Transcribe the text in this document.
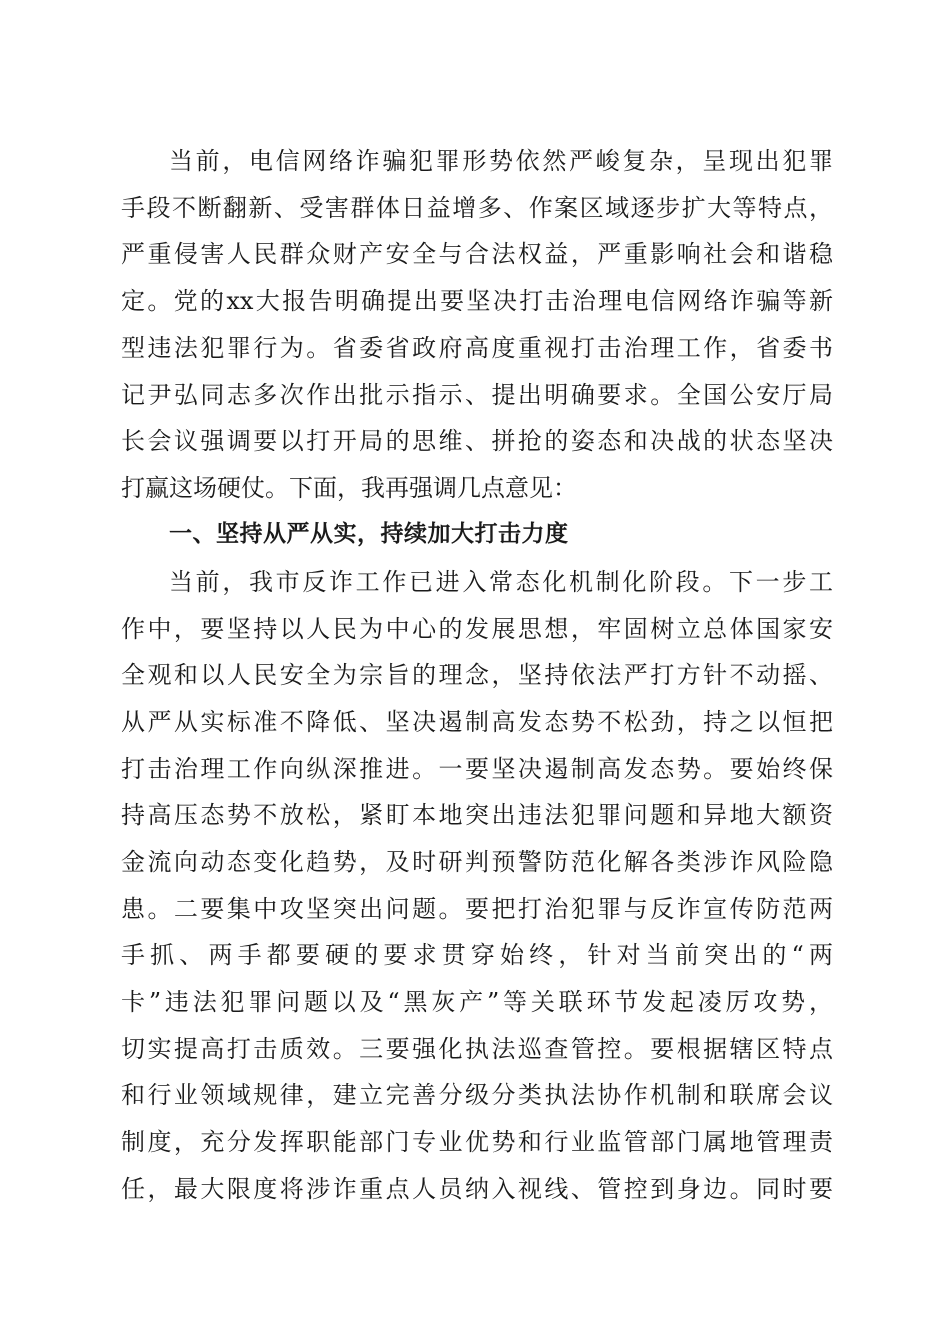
当前，电信网络诈骗犯罪形势依然严峻复杂，呈现出犯罪
手段不断翻新、受害群体日益增多、作案区域逐步扩大等特点，
严重侵害人民群众财产安全与合法权益，严重影响社会和谐稳
定。党的xx大报告明确提出要坚决打击治理电信网络诈骗等新
型违法犯罪行为。省委省政府高度重视打击治理工作，省委书
记尹弘同志多次作出批示指示、提出明确要求。全国公安厅局
长会议强调要以打开局的思维、拼抢的姿态和决战的状态坚决
打赢这场硬仗。下面，我再强调几点意见：
一、坚持从严从实，持续加大打击力度
当前，我市反诈工作已进入常态化机制化阶段。下一步工
作中，要坚持以人民为中心的发展思想，牢固树立总体国家安
全观和以人民安全为宗旨的理念，坚持依法严打方针不动摇、
从严从实标准不降低、坚决遏制高发态势不松劲，持之以恒把
打击治理工作向纵深推进。一要坚决遏制高发态势。要始终保
持高压态势不放松，紧盯本地突出违法犯罪问题和异地大额资
金流向动态变化趋势，及时研判预警防范化解各类涉诈风险隐
患。二要集中攻坚突出问题。要把打治犯罪与反诈宣传防范两
手抓、两手都要硬的要求贯穿始终，针对当前突出的“两
卡”违法犯罪问题以及“黑灰产”等关联环节发起凌厉攻势，
切实提高打击质效。三要强化执法巡查管控。要根据辖区特点
和行业领域规律，建立完善分级分类执法协作机制和联席会议
制度，充分发挥职能部门专业优势和行业监管部门属地管理责
任，最大限度将涉诈重点人员纳入视线、管控到身边。同时要
